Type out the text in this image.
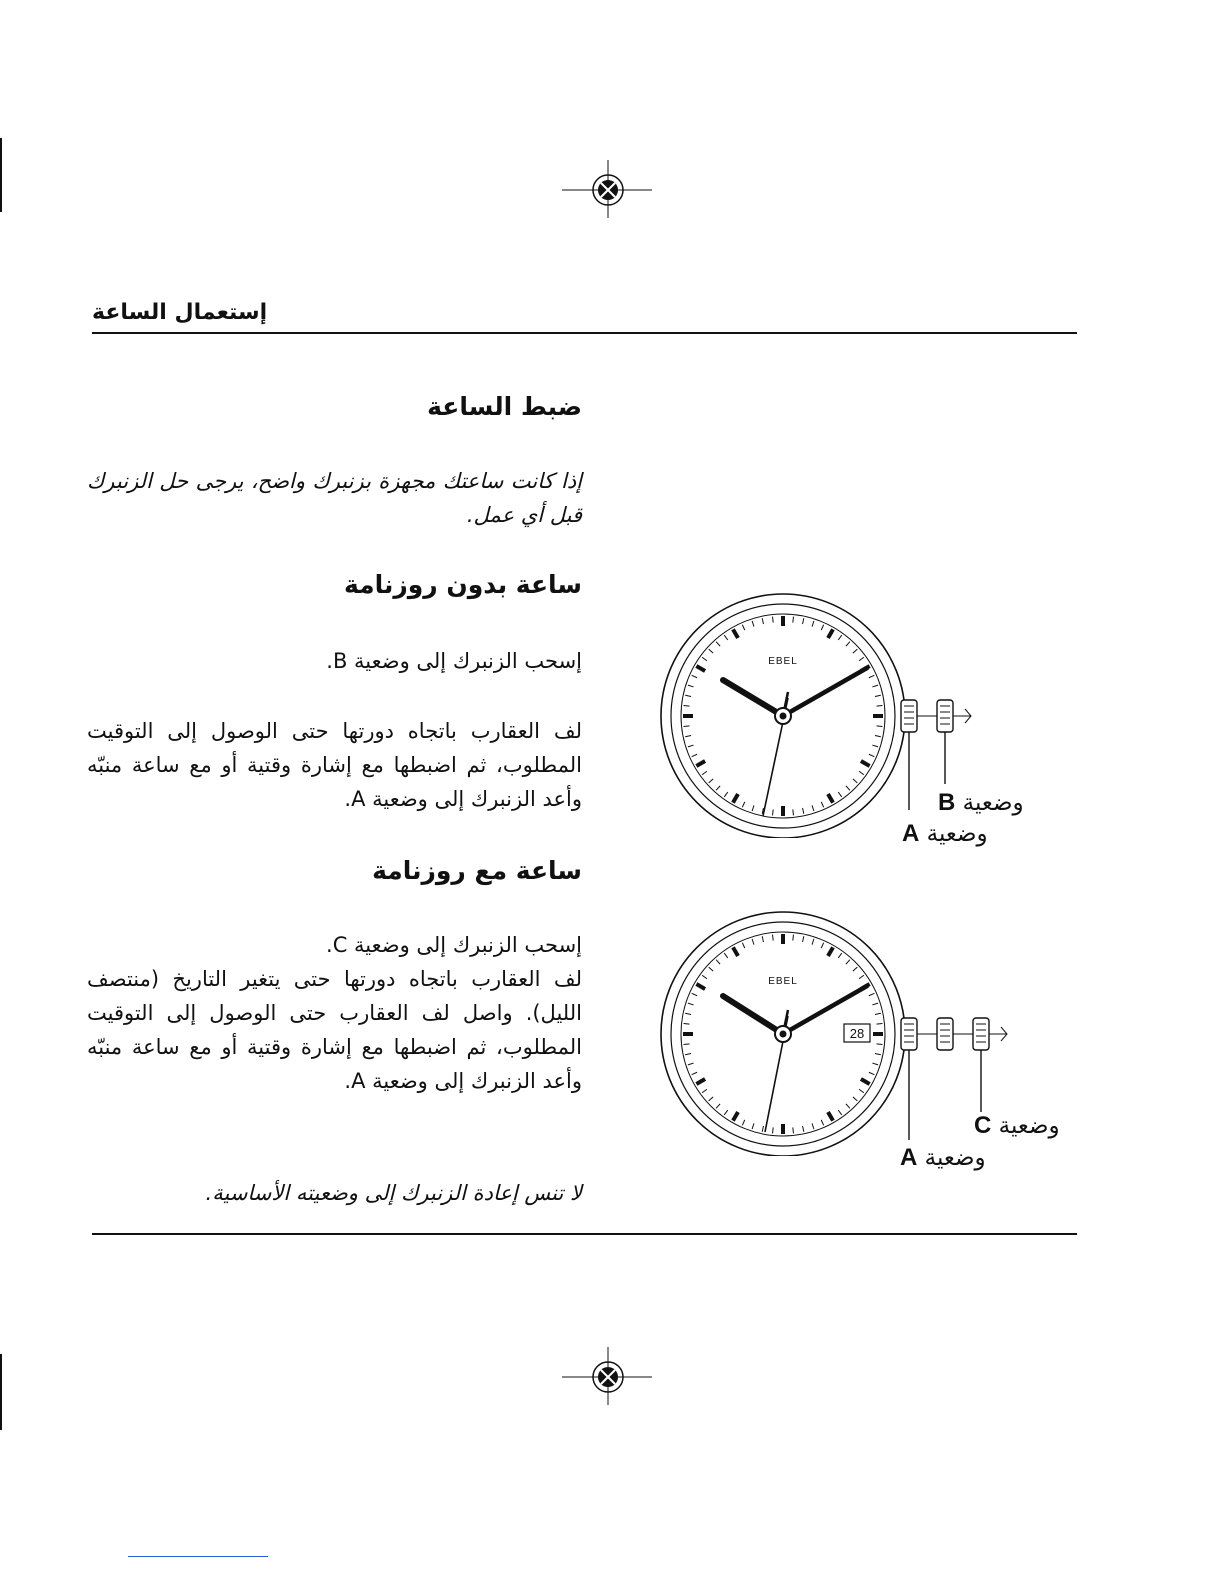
إستعمال الساعة
ضبط الساعة

إذا كانت ساعتك مجهزة بزنبرك واضح، يرجى حل الزنبرك قبل أي عمل.

ساعة بدون روزنامة

إسحب الزنبرك إلى وضعية B.

لف العقارب باتجاه دورتها حتى الوصول إلى التوقيت المطلوب، ثم اضبطها مع إشارة وقتية أو مع ساعة منبّه وأعد الزنبرك إلى وضعية A.

ساعة مع روزنامة

إسحب الزنبرك إلى وضعية C.

لف العقارب باتجاه دورتها حتى يتغير التاريخ (منتصف الليل). واصل لف العقارب حتى الوصول إلى التوقيت المطلوب، ثم اضبطها مع إشارة وقتية أو مع ساعة منبّه وأعد الزنبرك إلى وضعية A.

لا تنس إعادة الزنبرك إلى وضعيته الأساسية.

EBEL
وضعية B
وضعية A
EBEL
28
وضعية C
وضعية A
